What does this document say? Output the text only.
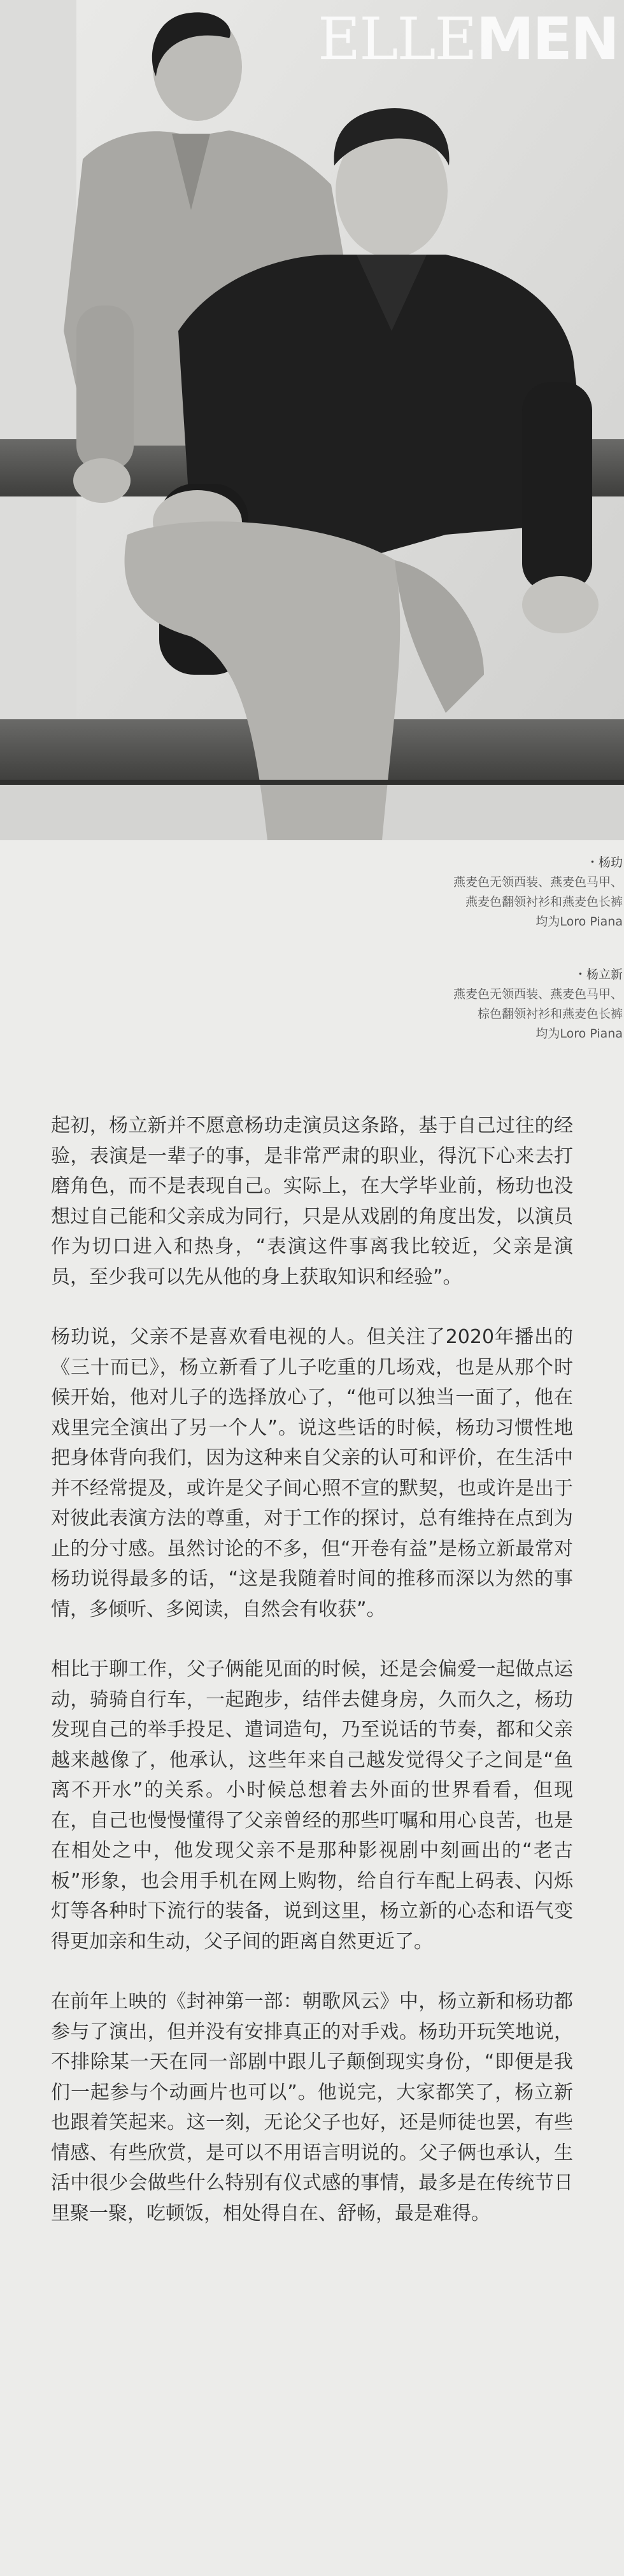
ELLEMEN
・杨玏
燕麦色无领西装、燕麦色马甲、
燕麦色翻领衬衫和燕麦色长裤
均为Loro Piana
・杨立新
燕麦色无领西装、燕麦色马甲、
棕色翻领衬衫和燕麦色长裤
均为Loro Piana

起初，杨立新并不愿意杨玏走演员这条路，基于自己过往的经验，表演是一辈子的事，是非常严肃的职业，得沉下心来去打磨角色，而不是表现自己。实际上，在大学毕业前，杨玏也没想过自己能和父亲成为同行，只是从戏剧的角度出发，以演员作为切口进入和热身，“表演这件事离我比较近，父亲是演员，至少我可以先从他的身上获取知识和经验”。

杨玏说，父亲不是喜欢看电视的人。但关注了2020年播出的《三十而已》，杨立新看了儿子吃重的几场戏，也是从那个时候开始，他对儿子的选择放心了，“他可以独当一面了，他在戏里完全演出了另一个人”。说这些话的时候，杨玏习惯性地把身体背向我们，因为这种来自父亲的认可和评价，在生活中并不经常提及，或许是父子间心照不宣的默契，也或许是出于对彼此表演方法的尊重，对于工作的探讨，总有维持在点到为止的分寸感。虽然讨论的不多，但“开卷有益”是杨立新最常对杨玏说得最多的话，“这是我随着时间的推移而深以为然的事情，多倾听、多阅读，自然会有收获”。

相比于聊工作，父子俩能见面的时候，还是会偏爱一起做点运动，骑骑自行车，一起跑步，结伴去健身房，久而久之，杨玏发现自己的举手投足、遣词造句，乃至说话的节奏，都和父亲越来越像了，他承认，这些年来自己越发觉得父子之间是“鱼离不开水”的关系。小时候总想着去外面的世界看看，但现在，自己也慢慢懂得了父亲曾经的那些叮嘱和用心良苦，也是在相处之中，他发现父亲不是那种影视剧中刻画出的“老古板”形象，也会用手机在网上购物，给自行车配上码表、闪烁灯等各种时下流行的装备，说到这里，杨立新的心态和语气变得更加亲和生动，父子间的距离自然更近了。

在前年上映的《封神第一部：朝歌风云》中，杨立新和杨玏都参与了演出，但并没有安排真正的对手戏。杨玏开玩笑地说，不排除某一天在同一部剧中跟儿子颠倒现实身份，“即便是我们一起参与个动画片也可以”。他说完，大家都笑了，杨立新也跟着笑起来。这一刻，无论父子也好，还是师徒也罢，有些情感、有些欣赏，是可以不用语言明说的。父子俩也承认，生活中很少会做些什么特别有仪式感的事情，最多是在传统节日里聚一聚，吃顿饭，相处得自在、舒畅，最是难得。
